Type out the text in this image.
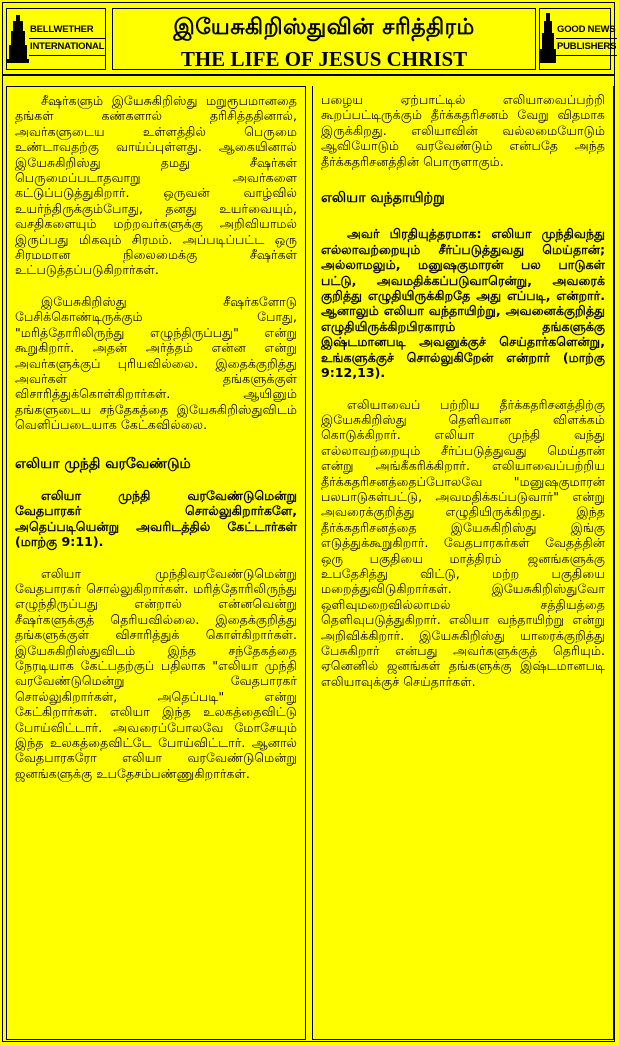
BELLWETHER
INTERNATIONAL
இயேசுகிறிஸ்துவின் சரித்திரம்
THE LIFE OF JESUS CHRIST
GOOD NEWS
PUBLISHERS

சீஷர்களும் இயேசுகிறிஸ்து மறுரூபமானதை தங்கள் கண்களால் தரிசித்ததினால், அவர்களுடைய உள்ளத்தில் பெருமை உண்டாவதற்கு வாய்ப்புள்ளது. ஆகையினால் இயேசுகிறிஸ்து தமது சீஷர்கள் பெருமைப்படாதவாறு அவர்களை கட்டுப்படுத்துகிறார். ஒருவன் வாழ்வில் உயர்ந்திருக்கும்போது, தனது உயர்வையும், வசதிகளையும் மற்றவர்களுக்கு அறிவியாமல் இருப்பது மிகவும் சிரமம். அப்படிப்பட்ட ஒரு சிரமமான நிலைமைக்கு சீஷர்கள் உட்படுத்தப்படுகிறார்கள்.

இயேசுகிறிஸ்து சீஷர்களோடு பேசிக்கொண்டிருக்கும் போது, "மரித்தோரிலிருந்து எழுந்திருப்பது" என்று கூறுகிறார். அதன் அர்த்தம் என்ன என்று அவர்களுக்குப் புரியவில்லை. இதைக்குறித்து அவர்கள் தங்களுக்குள் விசாரித்துக்கொள்கிறார்கள். ஆயினும் தங்களுடைய சந்தேகத்தை இயேசுகிறிஸ்துவிடம் வெளிப்படையாக கேட்கவில்லை.

எலியா முந்தி வரவேண்டும்

எலியா முந்தி வரவேண்டுமென்று வேதபாரகர் சொல்லுகிறார்களே, அதெப்படியென்று அவரிடத்தில் கேட்டார்கள் (மாற்கு 9:11).

எலியா முந்திவரவேண்டுமென்று வேதபாரகர் சொல்லுகிறார்கள். மரித்தோரிலிருந்து எழுந்திருப்பது என்றால் என்னவென்று சீஷர்களுக்குத் தெரியவில்லை. இதைக்குறித்து தங்களுக்குள் விசாரித்துக் கொள்கிறார்கள். இயேசுகிறிஸ்துவிடம் இந்த சந்தேகத்தை நேரடியாக கேட்பதற்குப் பதிலாக "எலியா முந்தி வரவேண்டுமென்று வேதபாரகர் சொல்லுகிறார்கள், அதெப்படி" என்று கேட்கிறார்கள். எலியா இந்த உலகத்தைவிட்டு போய்விட்டார். அவரைப்போலவே மோசேயும் இந்த உலகத்தைவிட்டே போய்விட்டார். ஆனால் வேதபாரகரோ எலியா வரவேண்டுமென்று ஜனங்களுக்கு உபதேசம்பண்ணுகிறார்கள்.

பழைய ஏற்பாட்டில் எலியாவைப்பற்றி கூறப்பட்டிருக்கும் தீர்க்கதரிசனம் வேறு விதமாக இருக்கிறது. எலியாவின் வல்லமையோடும் ஆவியோடும் வரவேண்டும் என்பதே அந்த தீர்க்கதரிசனத்தின் பொருளாகும்.

எலியா வந்தாயிற்று

அவர் பிரதியுத்தரமாக: எலியா முந்திவந்து எல்லாவற்றையும் சீர்ப்படுத்துவது மெய்தான்; அல்லாமலும், மனுஷகுமாரன் பல பாடுகள் பட்டு, அவமதிக்கப்படுவாரென்று, அவரைக் குறித்து எழுதியிருக்கிறதே அது எப்படி, என்றார். ஆனாலும் எலியா வந்தாயிற்று, அவனைக்குறித்து எழுதியிருக்கிறபிரகாரம் தங்களுக்கு இஷ்டமானபடி அவனுக்குச் செய்தார்களென்று, உங்களுக்குச் சொல்லுகிறேன் என்றார் (மாற்கு 9:12,13).

எலியாவைப் பற்றிய தீர்க்கதரிசனத்திற்கு இயேசுகிறிஸ்து தெளிவான விளக்கம் கொடுக்கிறார். எலியா முந்தி வந்து எல்லாவற்றையும் சீர்ப்படுத்துவது மெய்தான் என்று அங்கீகரிக்கிறார். எலியாவைப்பற்றிய தீர்க்கதரிசனத்தைப்போலவே "மனுஷகுமாரன் பலபாடுகள்பட்டு, அவமதிக்கப்படுவார்" என்று அவரைக்குறித்து எழுதியிருக்கிறது. இந்த தீர்க்கதரிசனத்தை இயேசுகிறிஸ்து இங்கு எடுத்துக்கூறுகிறார். வேதபாரகர்கள் வேதத்தின் ஒரு பகுதியை மாத்திரம் ஜனங்களுக்கு உபதேசித்து விட்டு, மற்ற பகுதியை மறைத்துவிடுகிறார்கள். இயேசுகிறிஸ்துவோ ஒளிவுமறைவில்லாமல் சத்தியத்தை தெளிவுபடுத்துகிறார். எலியா வந்தாயிற்று என்று அறிவிக்கிறார். இயேசுகிறிஸ்து யாரைக்குறித்து பேசுகிறார் என்பது அவர்களுக்குத் தெரியும். ஏனெனில் ஜனங்கள் தங்களுக்கு இஷ்டமானபடி எலியாவுக்குச் செய்தார்கள்.
